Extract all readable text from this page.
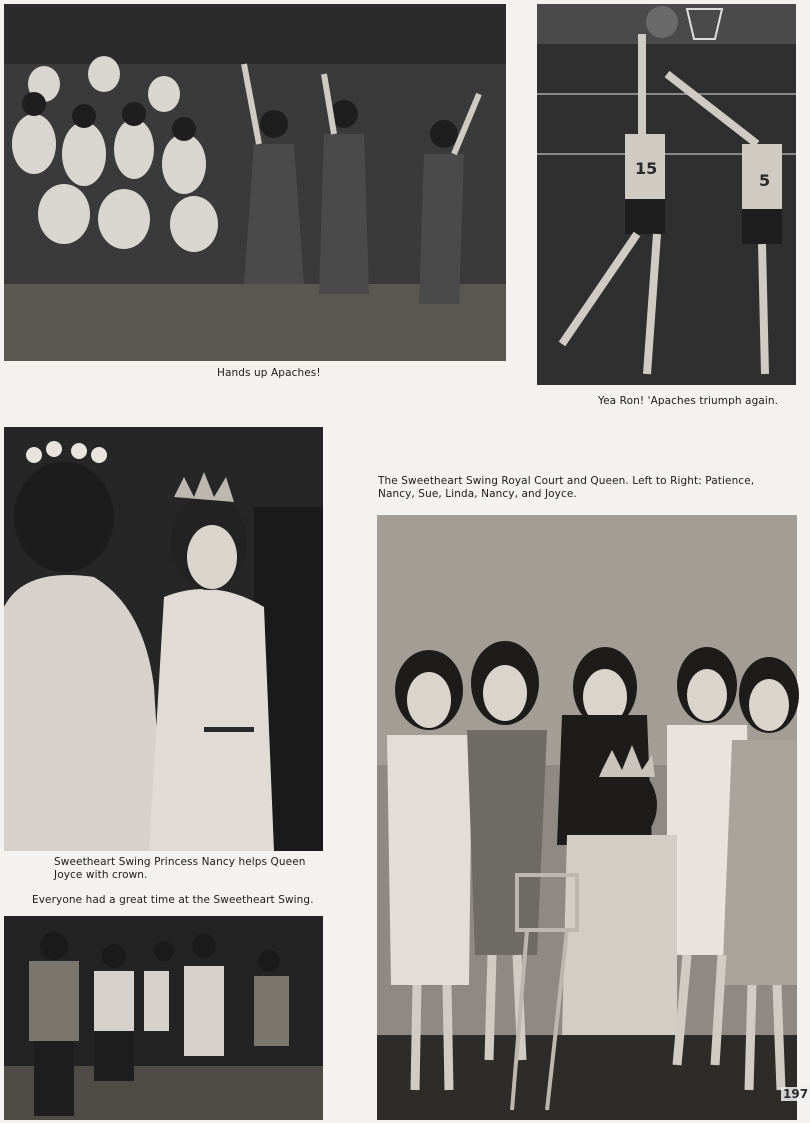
Hands up Apaches!
15
5
Yea Ron! 'Apaches triumph again.
Sweetheart Swing Princess Nancy helps Queen Joyce with crown.
Everyone had a great time at the Sweetheart Swing.
The Sweetheart Swing Royal Court and Queen. Left to Right: Patience, Nancy, Sue, Linda, Nancy, and Joyce.
197
